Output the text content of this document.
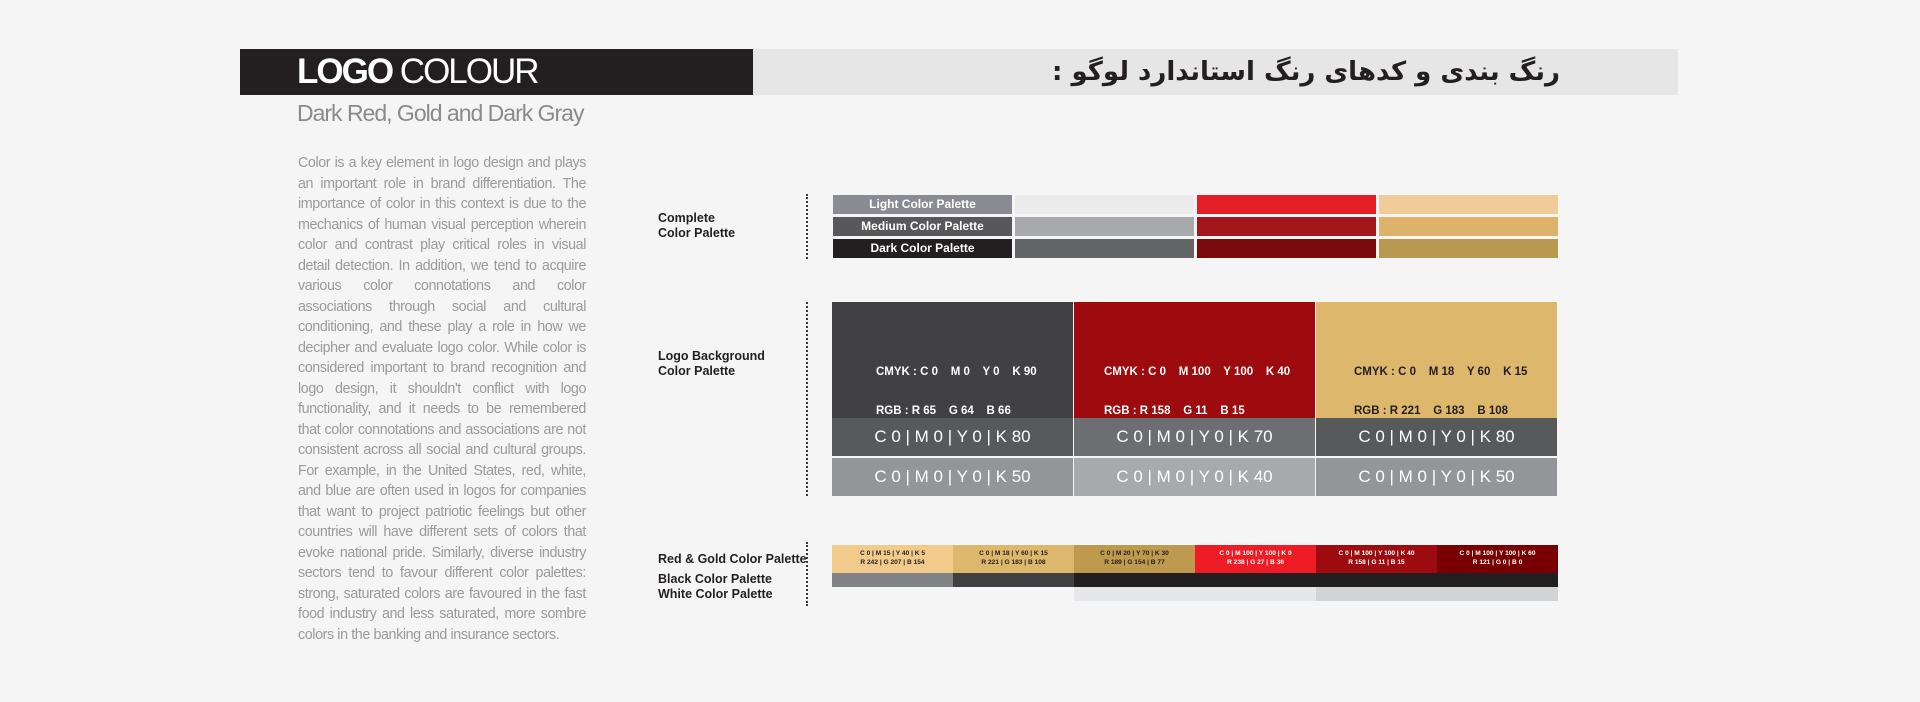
LOGO COLOUR	رنگ بندی و کدهای رنگ استاندارد لوگو :
Dark Red, Gold and Dark Gray
Color is a key element in logo design and plays an important role in brand differentiation. The importance of color in this context is due to the mechanics of human visual perception wherein color and contrast play critical roles in visual detail detection. In addition, we tend to acquire various color connotations and color associations through social and cultural conditioning, and these play a role in how we decipher and evaluate logo color. While color is considered important to brand recognition and logo design, it shouldn't conflict with logo functionality, and it needs to be remembered that color connotations and associations are not consistent across all social and cultural groups. For example, in the United States, red, white, and blue are often used in logos for companies that want to project patriotic feelings but other countries will have different sets of colors that evoke national pride. Similarly, diverse industry sectors tend to favour different color palettes: strong, saturated colors are favoured in the fast food industry and less saturated, more sombre colors in the banking and insurance sectors.
Complete
Color Palette
Light Color Palette
Medium Color Palette
Dark Color Palette
Logo Background
Color Palette

	CMYK : C 0    M 0    Y 0    K 90

RGB : R 65    G 64    B 66

C 0 | M 0 | Y 0 | K 80
C 0 | M 0 | Y 0 | K 50

CMYK : C 0    M 100    Y 100    K 40

RGB : R 158    G 11    B 15

C 0 | M 0 | Y 0 | K 70
C 0 | M 0 | Y 0 | K 40

CMYK : C 0    M 18    Y 60    K 15

RGB : R 221    G 183    B 108

C 0 | M 0 | Y 0 | K 80
C 0 | M 0 | Y 0 | K 50
Red & Gold Color Palette
Black Color Palette
White Color Palette
C 0 | M 15 | Y 40 | K 5
R 242 | G 207 | B 154
C 0 | M 18 | Y 60 | K 15
R 221 | G 183 | B 108
C 0 | M 20 | Y 70 | K 30
R 189 | G 154 | B 77
C 0 | M 100 | Y 100 | K 0
R 238 | G 27 | B 36
C 0 | M 100 | Y 100 | K 40
R 158 | G 11 | B 15
C 0 | M 100 | Y 100 | K 60
R 121 | G 0 | B 0
